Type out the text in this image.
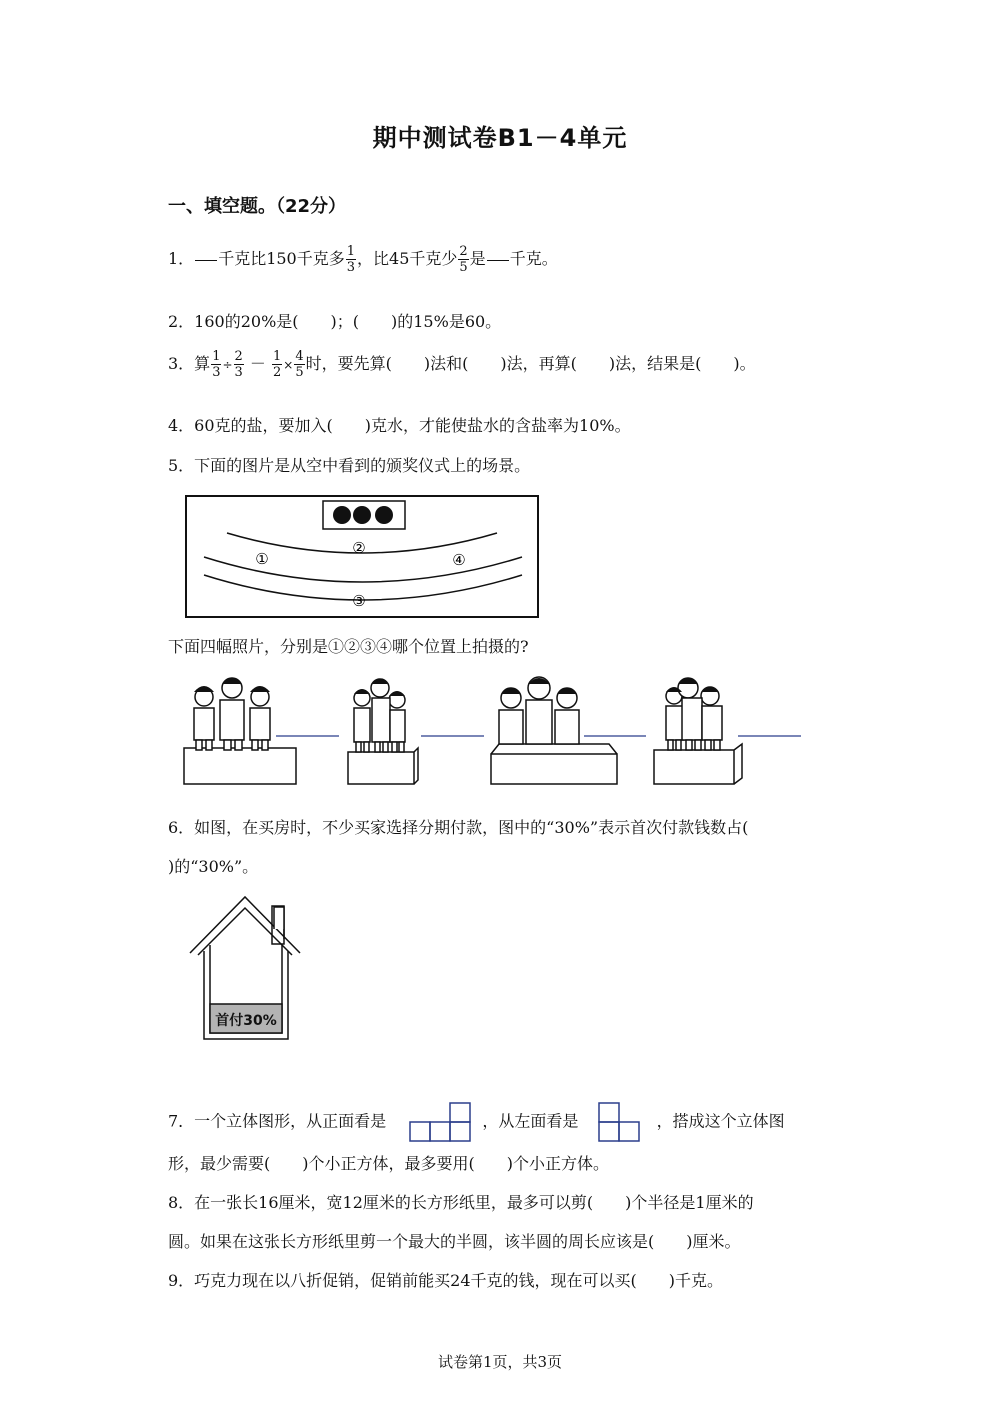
期中测试卷B1－4单元
一、填空题。（22分）
1． 千克比150千克多 $\frac{1}{3}$ ，比45千克少 $\frac{2}{5}$ 是 千克。
2．160的20%是(　　)；(　　)的15%是60。
3．算 $\frac{1}{3} \div \frac{2}{3} - \frac{1}{2} \times \frac{4}{5}$ 时，要先算(　　)法和(　　)法，再算(　　)法，结果是(　　)。
4．60克的盐，要加入(　　)克水，才能使盐水的含盐率为10%。
5．下面的图片是从空中看到的颁奖仪式上的场景。
①
②
④
③
下面四幅照片，分别是①②③④哪个位置上拍摄的?
6．如图，在买房时，不少买家选择分期付款，图中的“30%”表示首次付款钱数占(
)的“30%”。
首付30%
7．一个立体图形，从正面看是	，从左面看是	，搭成这个立体图
形，最少需要(　　)个小正方体，最多要用(　　)个小正方体。
8．在一张长16厘米，宽12厘米的长方形纸里，最多可以剪(　　)个半径是1厘米的
圆。如果在这张长方形纸里剪一个最大的半圆，该半圆的周长应该是(　　)厘米。
9．巧克力现在以八折促销，促销前能买24千克的钱，现在可以买(　　)千克。
试卷第1页，共3页
